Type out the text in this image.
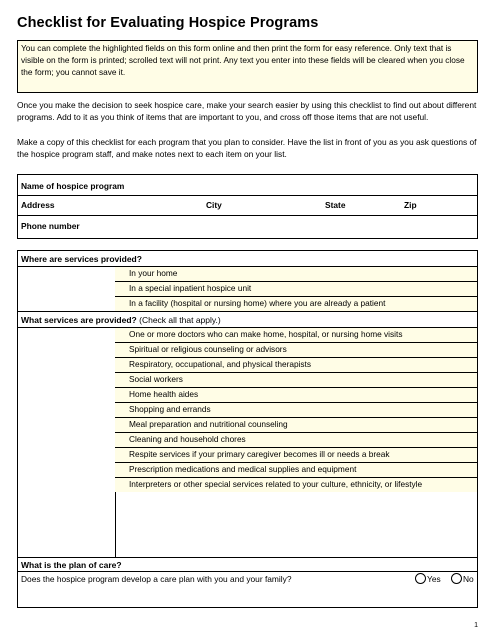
Checklist for Evaluating Hospice Programs
You can complete the highlighted fields on this form online and then print the form for easy reference. Only text that is visible on the form is printed; scrolled text will not print. Any text you enter into these fields will be cleared when you close the form; you cannot save it.
Once you make the decision to seek hospice care, make your search easier by using this checklist to find out about different programs. Add to it as you think of items that are important to you, and cross off those items that are not useful.
Make a copy of this checklist for each program that you plan to consider. Have the list in front of you as you ask questions of the hospice program staff, and make notes next to each item on your list.
Name of hospice program
Address	City	State	Zip
Phone number
Where are services provided?
In your home
In a special inpatient hospice unit
In a facility (hospital or nursing home) where you are already a patient
What services are provided? (Check all that apply.)
One or more doctors who can make home, hospital, or nursing home visits
Spiritual or religious counseling or advisors
Respiratory, occupational, and physical therapists
Social workers
Home health aides
Shopping and errands
Meal preparation and nutritional counseling
Cleaning and household chores
Respite services if your primary caregiver becomes ill or needs a break
Prescription medications and medical supplies and equipment
Interpreters or other special services related to your culture, ethnicity, or lifestyle
What is the plan of care?
Does the hospice program develop a care plan with you and your family?	Yes	No
1
